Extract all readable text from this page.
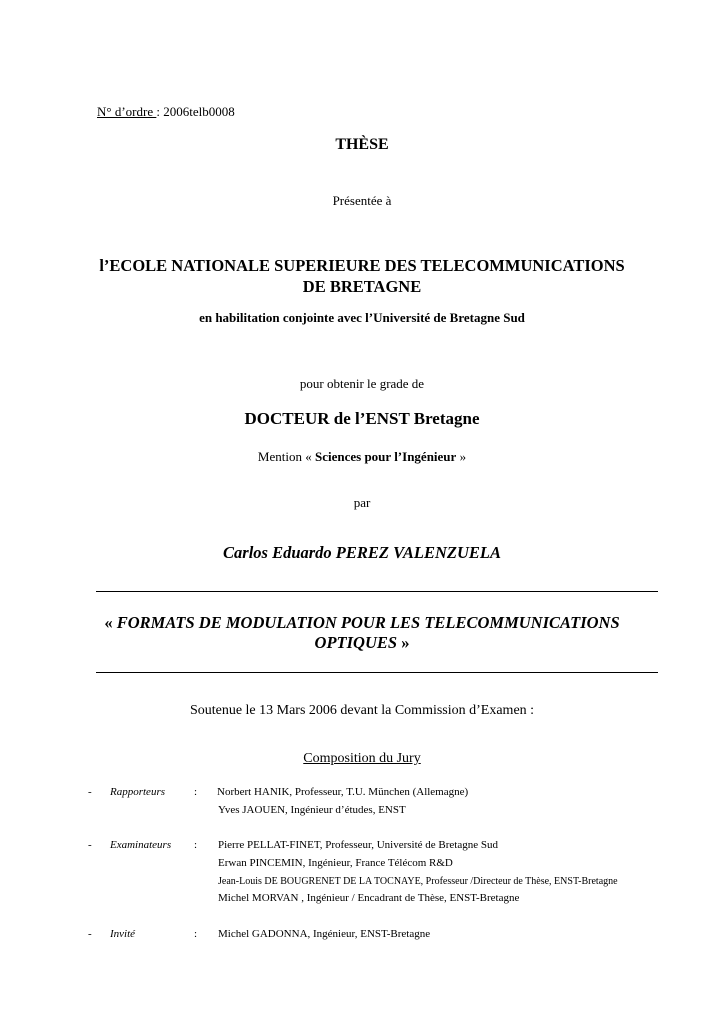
N° d’ordre : 2006telb0008
THÈSE
Présentée à
l’ECOLE NATIONALE SUPERIEURE DES TELECOMMUNICATIONS
DE BRETAGNE
en habilitation conjointe avec l’Université de Bretagne Sud
pour obtenir le grade de
DOCTEUR de l’ENST Bretagne
Mention « Sciences pour l’Ingénieur »
par
Carlos Eduardo PEREZ VALENZUELA
« FORMATS DE MODULATION POUR LES TELECOMMUNICATIONS
OPTIQUES »
Soutenue le 13 Mars 2006 devant la Commission d’Examen :
Composition du Jury
- Rapporteurs	: Norbert HANIK, Professeur, T.U. München (Allemagne)
Yves JAOUEN, Ingénieur d’études, ENST
- Examinateurs : Pierre PELLAT-FINET, Professeur, Université de Bretagne Sud
Erwan PINCEMIN, Ingénieur, France Télécom R&D
Jean-Louis DE BOUGRENET DE LA TOCNAYE, Professeur /Directeur de Thèse, ENST-Bretagne
Michel MORVAN , Ingénieur / Encadrant de Thèse, ENST-Bretagne
- Invité	: Michel GADONNA, Ingénieur, ENST-Bretagne
